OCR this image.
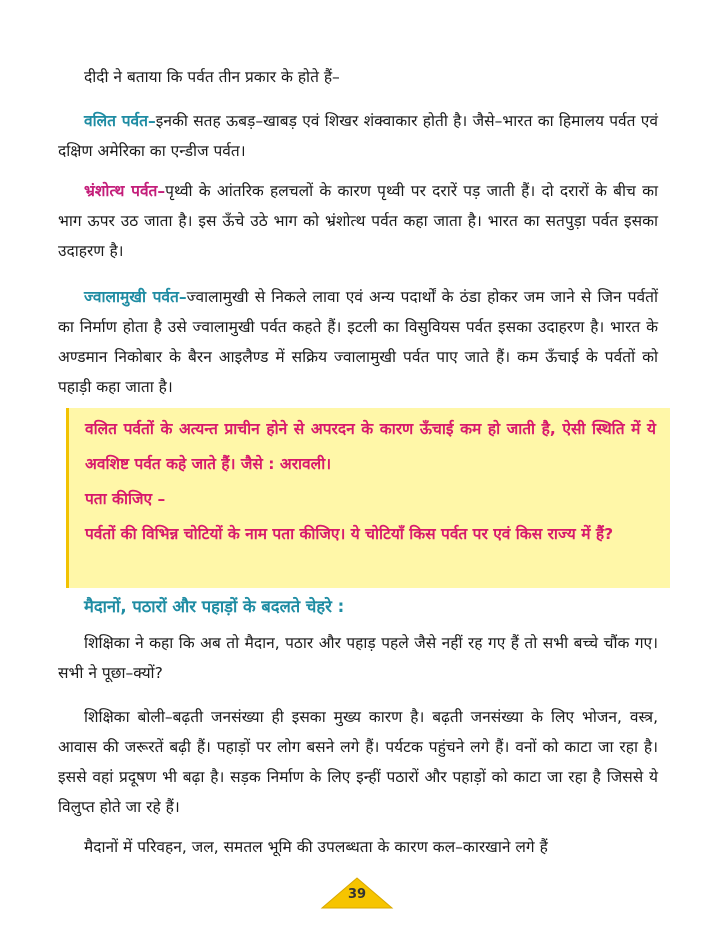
दीदी ने बताया कि पर्वत तीन प्रकार के होते हैं–

वलित पर्वत–इनकी सतह ऊबड़–खाबड़ एवं शिखर शंक्वाकार होती है। जैसे–भारत का हिमालय पर्वत एवं दक्षिण अमेरिका का एन्डीज पर्वत।

भ्रंशोत्थ पर्वत–पृथ्वी के आंतरिक हलचलों के कारण पृथ्वी पर दरारें पड़ जाती हैं। दो दरारों के बीच का भाग ऊपर उठ जाता है। इस ऊँचे उठे भाग को भ्रंशोत्थ पर्वत कहा जाता है। भारत का सतपुड़ा पर्वत इसका उदाहरण है।

ज्वालामुखी पर्वत–ज्वालामुखी से निकले लावा एवं अन्य पदार्थों के ठंडा होकर जम जाने से जिन पर्वतों का निर्माण होता है उसे ज्वालामुखी पर्वत कहते हैं। इटली का विसुवियस पर्वत इसका उदाहरण है। भारत के अण्डमान निकोबार के बैरन आइलैण्ड में सक्रिय ज्वालामुखी पर्वत पाए जाते हैं। कम ऊँचाई के पर्वतों को पहाड़ी कहा जाता है।

वलित पर्वतों के अत्यन्त प्राचीन होने से अपरदन के कारण ऊँचाई कम हो जाती है, ऐसी स्थिति में ये अवशिष्ट पर्वत कहे जाते हैं। जैसे : अरावली।

पता कीजिए –

पर्वतों की विभिन्न चोटियों के नाम पता कीजिए। ये चोटियाँ किस पर्वत पर एवं किस राज्य में हैं?

मैदानों, पठारों और पहाड़ों के बदलते चेहरे :

शिक्षिका ने कहा कि अब तो मैदान, पठार और पहाड़ पहले जैसे नहीं रह गए हैं तो सभी बच्चे चौंक गए। सभी ने पूछा–क्यों?

शिक्षिका बोली–बढ़ती जनसंख्या ही इसका मुख्य कारण है। बढ़ती जनसंख्या के लिए भोजन, वस्त्र, आवास की जरूरतें बढ़ी हैं। पहाड़ों पर लोग बसने लगे हैं। पर्यटक पहुंचने लगे हैं। वनों को काटा जा रहा है। इससे वहां प्रदूषण भी बढ़ा है। सड़क निर्माण के लिए इन्हीं पठारों और पहाड़ों को काटा जा रहा है जिससे ये विलुप्त होते जा रहे हैं।

मैदानों में परिवहन, जल, समतल भूमि की उपलब्धता के कारण कल–कारखाने लगे हैं

39
